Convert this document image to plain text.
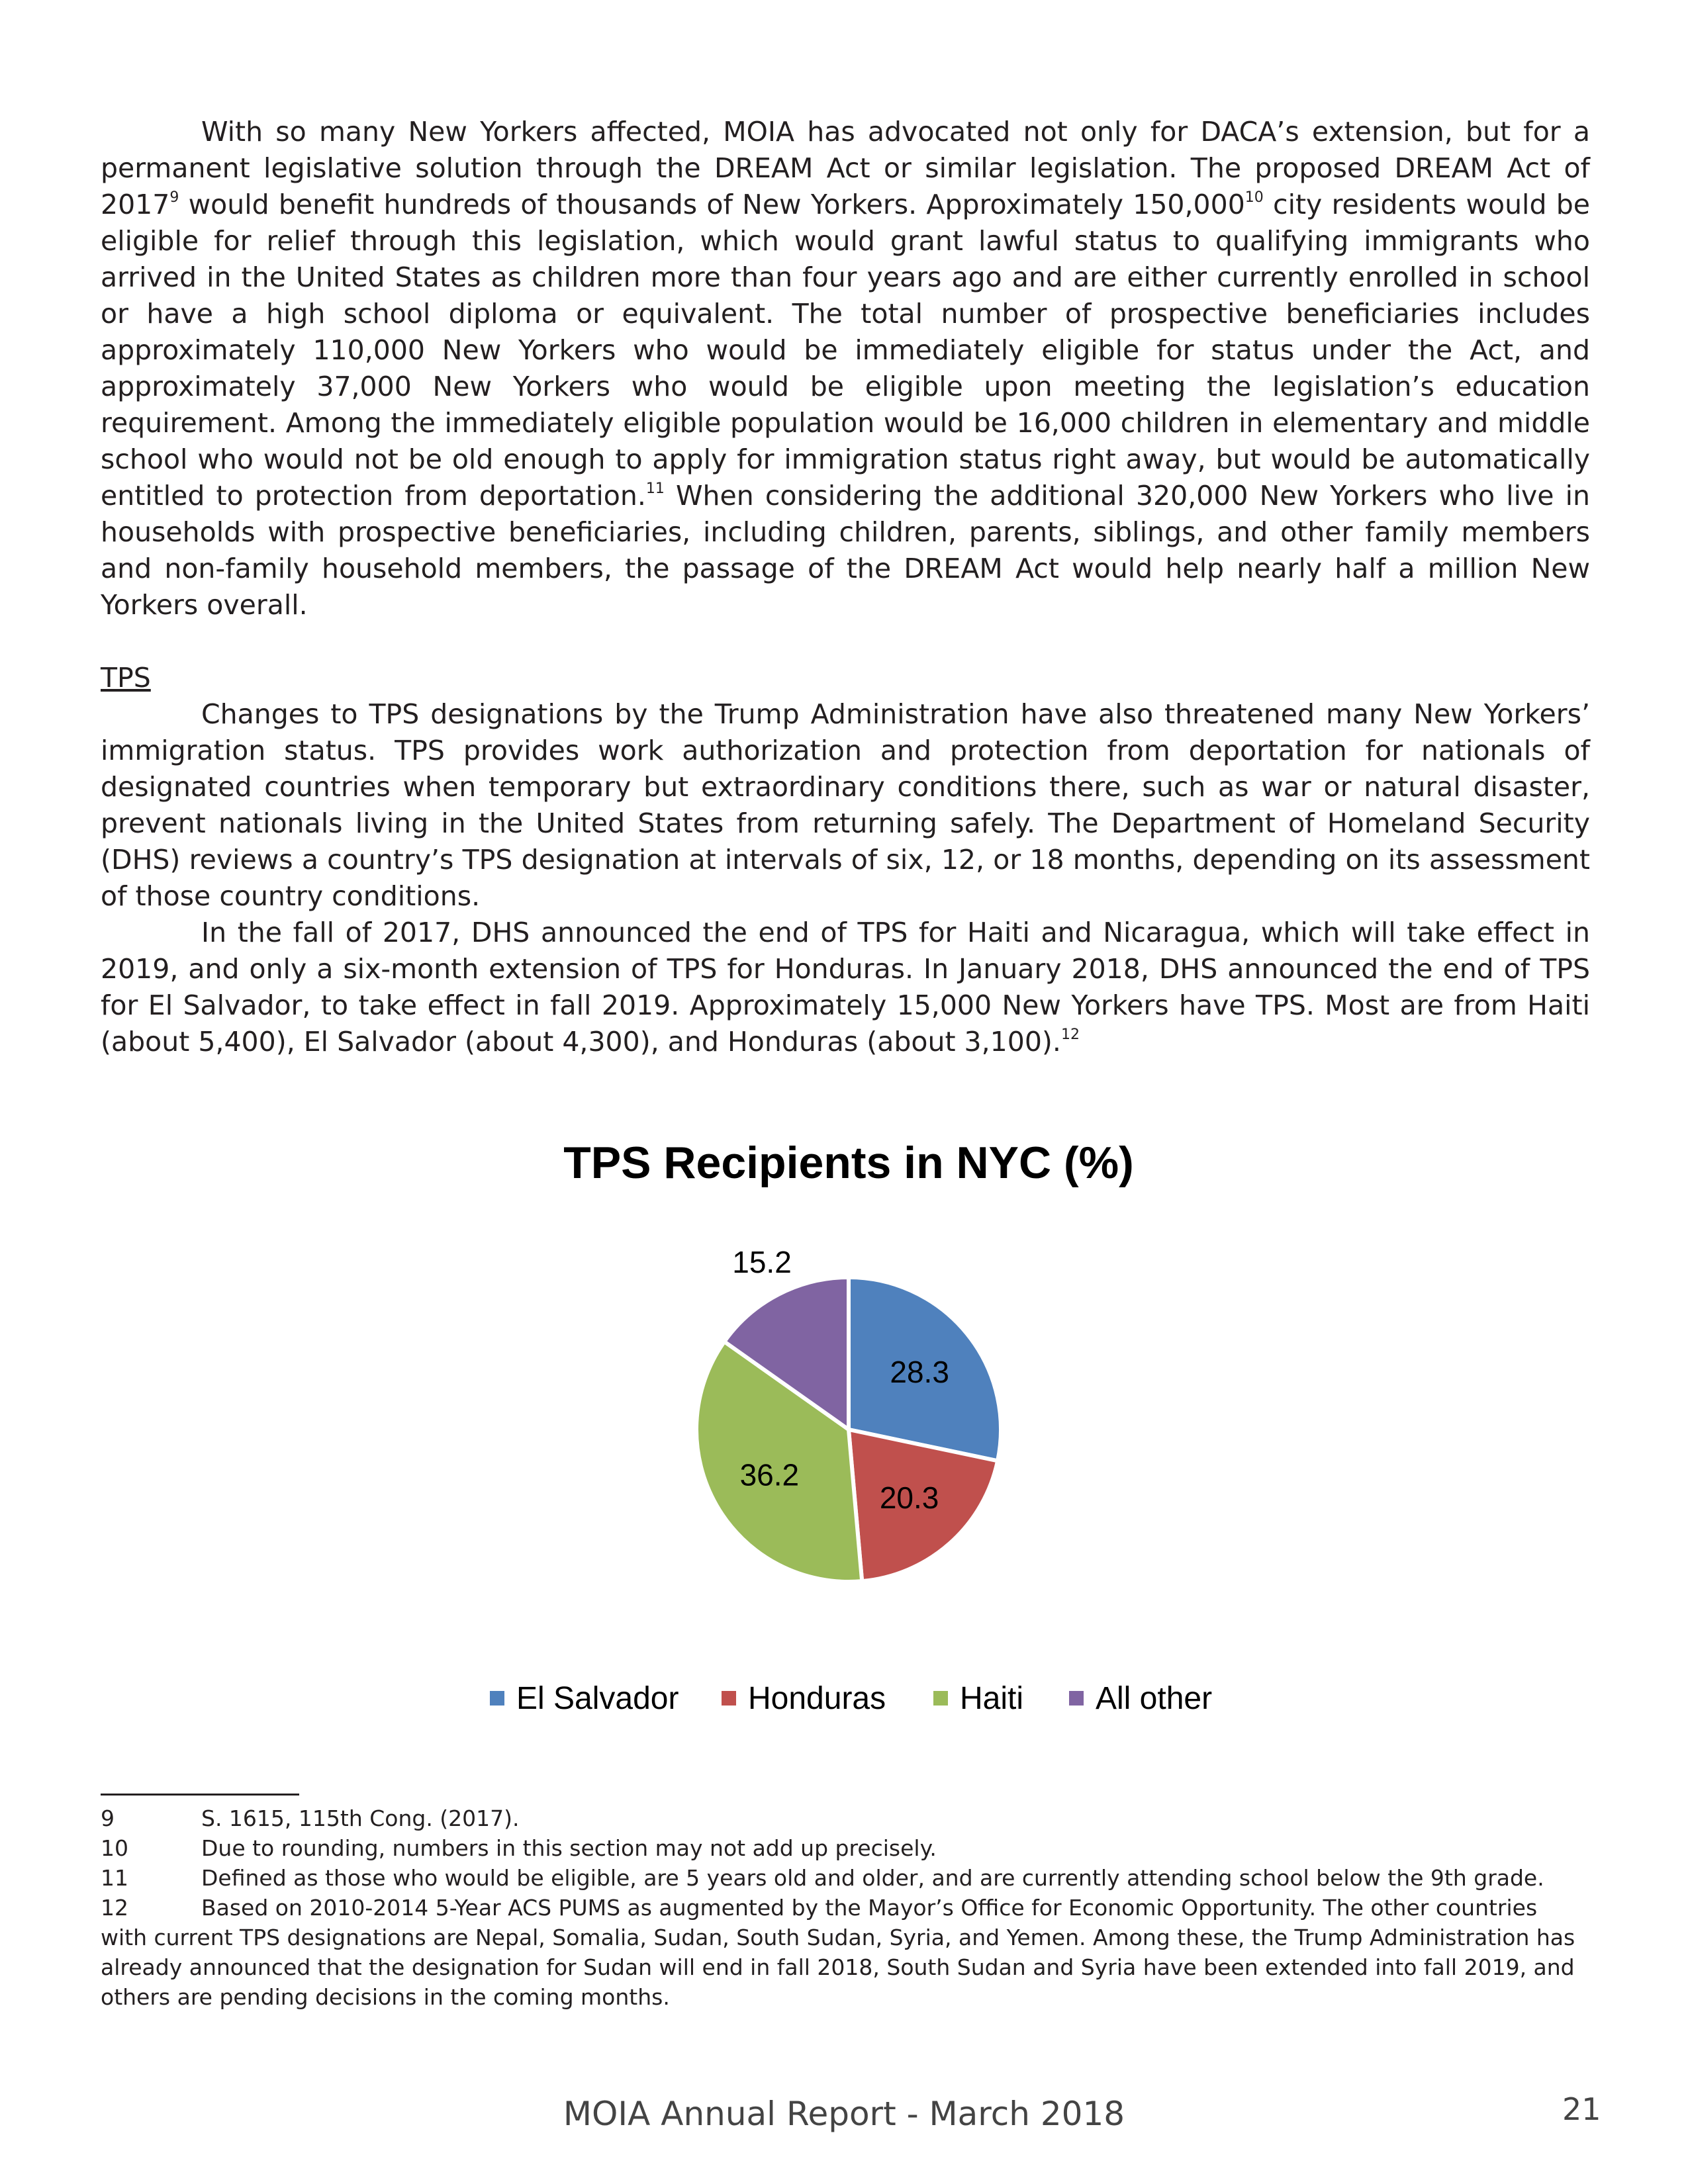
With so many New Yorkers affected, MOIA has advocated not only for DACA’s extension, but for a permanent legislative solution through the DREAM Act or similar legislation. The proposed DREAM Act of 2017$^9$ would benefit hundreds of thousands of New Yorkers. Approximately 150,000$^{10}$ city residents would be eligible for relief through this legislation, which would grant lawful status to qualifying immigrants who arrived in the United States as children more than four years ago and are either currently enrolled in school or have a high school diploma or equivalent. The total number of prospective beneficiaries includes approximately 110,000 New Yorkers who would be immediately eligible for status under the Act, and approximately 37,000 New Yorkers who would be eligible upon meeting the legislation’s education requirement. Among the immediately eligible population would be 16,000 children in elementary and middle school who would not be old enough to apply for immigration status right away, but would be automatically entitled to protection from deportation.$^{11}$ When considering the additional 320,000 New Yorkers who live in households with prospective beneficiaries, including children, parents, siblings, and other family members and non-family household members, the passage of the DREAM Act would help nearly half a million New Yorkers overall.

TPS

Changes to TPS designations by the Trump Administration have also threatened many New Yorkers’ immigration status. TPS provides work authorization and protection from deportation for nationals of designated countries when temporary but extraordinary conditions there, such as war or natural disaster, prevent nationals living in the United States from returning safely. The Department of Homeland Security (DHS) reviews a country’s TPS designation at intervals of six, 12, or 18 months, depending on its assessment of those country conditions.

In the fall of 2017, DHS announced the end of TPS for Haiti and Nicaragua, which will take effect in 2019, and only a six-month extension of TPS for Honduras. In January 2018, DHS announced the end of TPS for El Salvador, to take effect in fall 2019. Approximately 15,000 New Yorkers have TPS. Most are from Haiti (about 5,400), El Salvador (about 4,300), and Honduras (about 3,100).$^{12}$

TPS Recipients in NYC (%)
28.3
20.3
36.2
15.2
El Salvador Honduras Haiti All other

9	S. 1615, 115th Cong. (2017).

10	Due to rounding, numbers in this section may not add up precisely.

11	Defined as those who would be eligible, are 5 years old and older, and are currently attending school below the 9th grade.

12	Based on 2010-2014 5-Year ACS PUMS as augmented by the Mayor’s Office for Economic Opportunity. The other countries with current TPS designations are Nepal, Somalia, Sudan, South Sudan, Syria, and Yemen. Among these, the Trump Administration has already announced that the designation for Sudan will end in fall 2018, South Sudan and Syria have been extended into fall 2019, and others are pending decisions in the coming months.

MOIA Annual Report - March 2018	21
